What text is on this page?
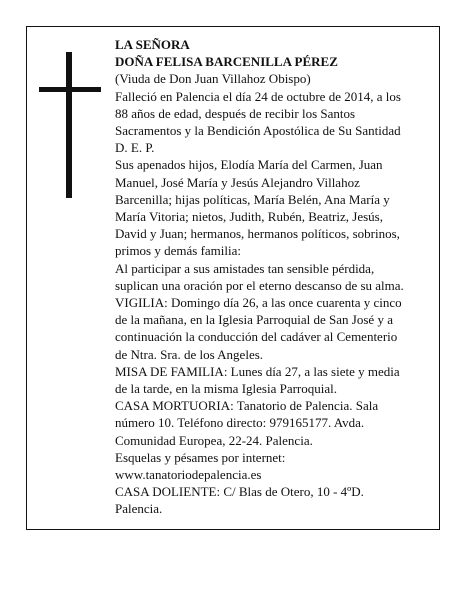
LA SEÑORA

DOÑA FELISA BARCENILLA PÉREZ

(Viuda de Don Juan Villahoz Obispo)

Falleció en Palencia el día 24 de octubre de 2014, a los

88 años de edad, después de recibir los Santos

Sacramentos y la Bendición Apostólica de Su Santidad

D. E. P.

Sus apenados hijos, Elodía María del Carmen, Juan

Manuel, José María y Jesús Alejandro Villahoz

Barcenilla; hijas políticas, María Belén, Ana María y

María Vitoria; nietos, Judith, Rubén, Beatriz, Jesús,

David y Juan; hermanos, hermanos políticos, sobrinos,

primos y demás familia:

Al participar a sus amistades tan sensible pérdida,

suplican una oración por el eterno descanso de su alma.

VIGILIA: Domingo día 26, a las once cuarenta y cinco

de la mañana, en la Iglesia Parroquial de San José y a

continuación la conducción del cadáver al Cementerio

de Ntra. Sra. de los Angeles.

MISA DE FAMILIA: Lunes día 27, a las siete y media

de la tarde, en la misma Iglesia Parroquial.

CASA MORTUORIA: Tanatorio de Palencia. Sala

número 10. Teléfono directo: 979165177. Avda.

Comunidad Europea, 22-24. Palencia.

Esquelas y pésames por internet:

www.tanatoriodepalencia.es

CASA DOLIENTE: C/ Blas de Otero, 10 - 4ºD.

Palencia.
